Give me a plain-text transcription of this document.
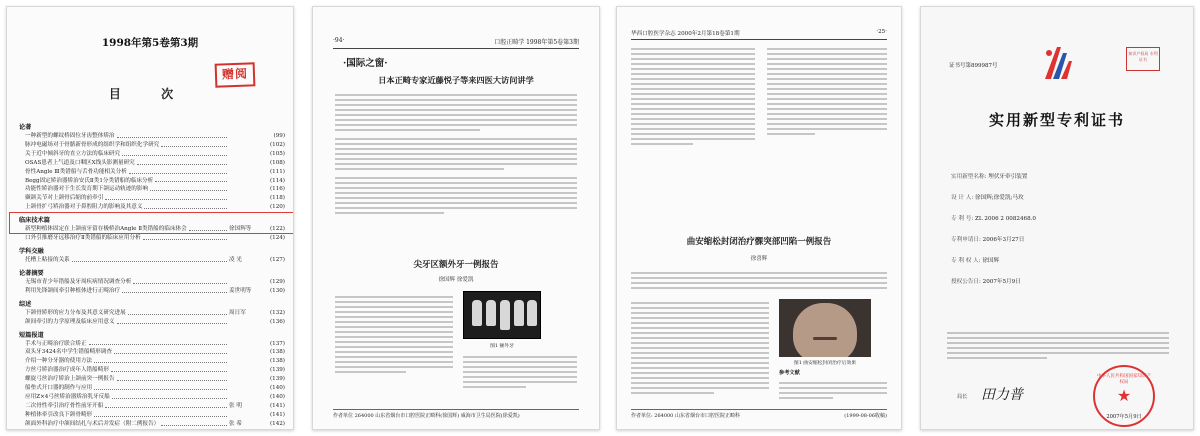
1998年第5卷第3期
赠阅
目 次
论著
一种新型的螺纹桥固位牙齿整体矫治	(99)
脉冲电磁场对于骨骼新骨形成的组织学和组织化学研究	(102)
关于近中倾斜牙的直立方法的临床研究	(105)
OSAS患者上气道及口咽区X线头影测量研究	(108)
骨性Angle Ⅲ类错船与舌骨功能相关分析	(111)
Begg固定矫治器矫治安氏Ⅱ类1分类错船的临床分析	(114)
功能性矫治器对于生长发育期下颌运动轨迹的影响	(116)
颞颌关节对上颌骨后缩的前牵引	(118)
上颌骨扩弓矫治器对于鼻腔阻力的影响及其意义	(120)
临床技术篇
新型种植体固定在上颌前牙留存极桥治Angle Ⅱ类错船的临床体会	徐国辉等	(122)
口外引推磨牙远移治疗Ⅱ类错船的临床应用分析	(124)
学科交融
托槽上粘接的关系	凌 光	(127)
论著摘要
无锡市青少年错船及牙周疾病情况调查分析	(129)
利用先锋颌间牵引种植体进行正畸治疗	姜世明等	(130)
综述
下颌骨矫形的应力分布及其意义研究进展	周日军	(132)
颌间牵引的力学原理及临床应用意义	(136)
短篇报道
手术与正畸治疗联合矫正	(137)
双头牙3424名中学生错船畸形调查	(138)
介绍一种分牙器的使用方法	(138)
方丝弓矫治器治疗成年人错船畸形	(139)
螺旋弓丝治疗矫治上颌前突一例报告	(139)
船垫式开口器的制作与应用	(140)
应用Z×4弓丝矫治器矫治乳牙反船	(140)
二次骨性牵引治疗骨性前牙开船	张 明	(141)
种植体牵引改良下颌骨畸形	(141)
颌面外科治疗中颌间结扎与术后并发症（附二例报告）	张 希	(142)
·94·	口腔正畸学 1998年第5卷第3期
·国际之窗·
日本正畸专家近藤悦子等来四医大访问讲学
尖牙区额外牙一例报告
徐国辉 徐爱凯
图1 额外牙
作者单位 264000 山东省烟台市口腔医院正畸科(徐国辉) 威海市卫生局医院(徐爱凯)
华西口腔医学杂志 2000年2月第18卷第1期	·25·
曲安缩松封闭治疗髁突部凹陷一例报告
徐喜辉
图1 曲安缩松封闭治疗后效果
参考文献
作者单位: 264000 山东省烟台市口腔医院正畸科	(1999-08-06收稿)
证书号第899987号
知识产权局 专利证书
实用新型专利证书
实用新型名称: 埋伏牙牵引装置
设 计 人: 徐国辉;徐爱凯;马玫
专 利 号: ZL 2006 2 0082468.0
专利申请日: 2006年3月27日
专 利 权 人: 徐国辉
授权公告日: 2007年5月9日
局长 田力普	★
中华人民共和国国家知识产权局
2007年5月9日
